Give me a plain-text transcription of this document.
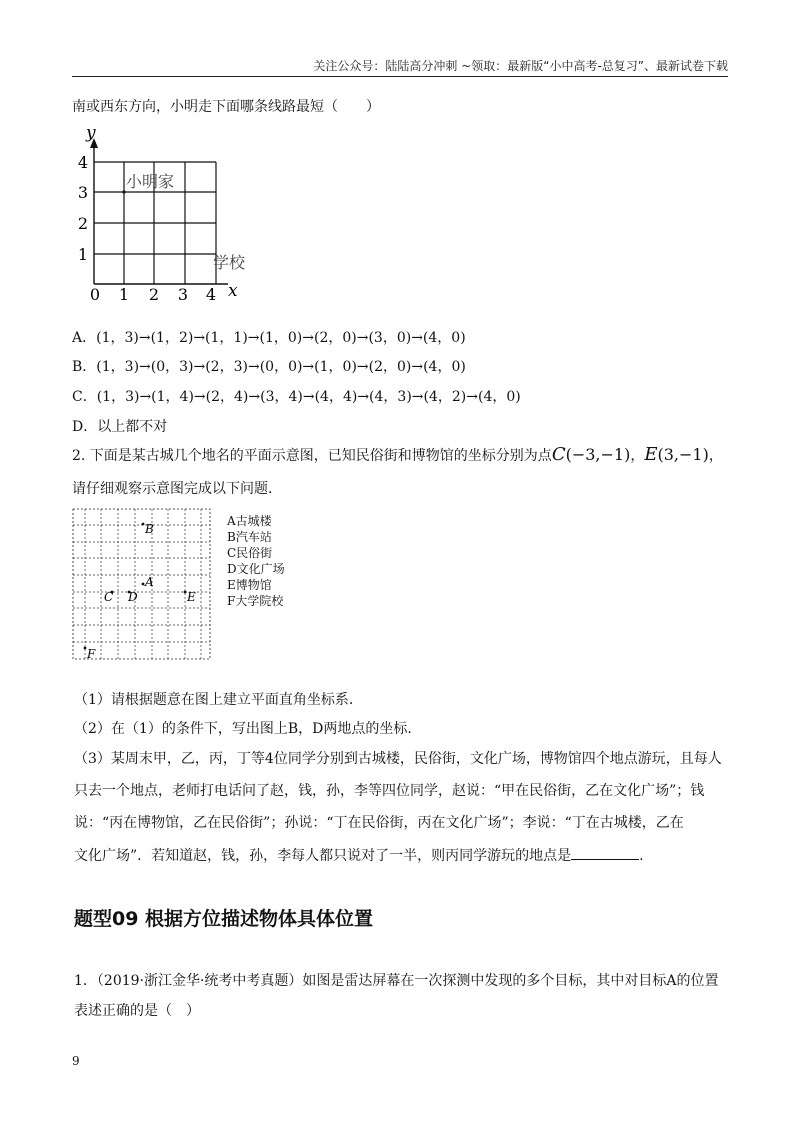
关注公众号：陆陆高分冲刺 ~领取：最新版“小中高考-总复习”、最新试卷下载
南或西东方向，小明走下面哪条线路最短（　　）
y
x
0 1 2 3 4
1
2
3
4
小明家
学校
A．(1，3)→(1，2)→(1，1)→(1，0)→(2，0)→(3，0)→(4，0)
B．(1，3)→(0，3)→(2，3)→(0，0)→(1，0)→(2，0)→(4，0)
C．(1，3)→(1，4)→(2，4)→(3，4)→(4，4)→(4，3)→(4，2)→(4，0)
D．以上都不对
2. 下面是某古城几个地名的平面示意图，已知民俗街和博物馆的坐标分别为点C(−3,−1)，E(3,−1)，
请仔细观察示意图完成以下问题.
B
A
C D	E
F
A古城楼
B汽车站
C民俗街
D文化广场
E博物馆
F大学院校
（1）请根据题意在图上建立平面直角坐标系.
（2）在（1）的条件下，写出图上B，D两地点的坐标.
（3）某周末甲，乙，丙，丁等4位同学分别到古城楼，民俗街，文化广场，博物馆四个地点游玩，且每人
只去一个地点，老师打电话问了赵，钱，孙，李等四位同学，赵说：“甲在民俗街，乙在文化广场”；钱
说：“丙在博物馆，乙在民俗街”；孙说：“丁在民俗街，丙在文化广场”；李说：“丁在古城楼，乙在
文化广场”．若知道赵，钱，孙，李每人都只说对了一半，则丙同学游玩的地点是	.
题型09 根据方位描述物体具体位置
1．（2019·浙江金华·统考中考真题）如图是雷达屏幕在一次探测中发现的多个目标，其中对目标A的位置
表述正确的是（　）
9
